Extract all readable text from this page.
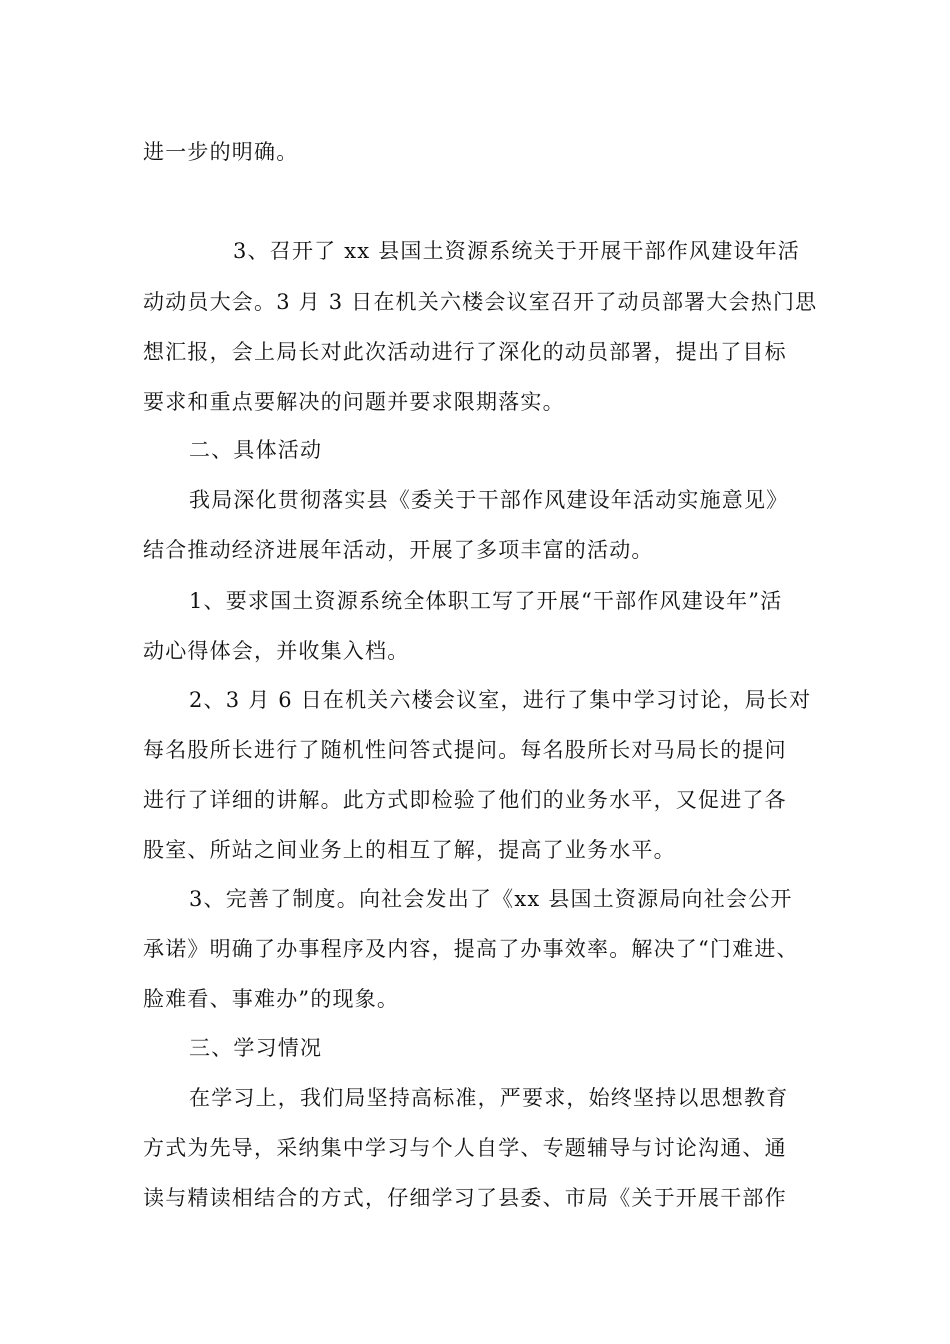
进一步的明确。
3、召开了 xx 县国土资源系统关于开展干部作风建设年活
动动员大会。3 月 3 日在机关六楼会议室召开了动员部署大会热门思
想汇报，会上局长对此次活动进行了深化的动员部署，提出了目标
要求和重点要解决的问题并要求限期落实。
二、具体活动
我局深化贯彻落实县《委关于干部作风建设年活动实施意见》
结合推动经济进展年活动，开展了多项丰富的活动。
1、要求国土资源系统全体职工写了开展“干部作风建设年”活
动心得体会，并收集入档。
2、3 月 6 日在机关六楼会议室，进行了集中学习讨论，局长对
每名股所长进行了随机性问答式提问。每名股所长对马局长的提问
进行了详细的讲解。此方式即检验了他们的业务水平，又促进了各
股室、所站之间业务上的相互了解，提高了业务水平。
3、完善了制度。向社会发出了《xx 县国土资源局向社会公开
承诺》明确了办事程序及内容，提高了办事效率。解决了“门难进、
脸难看、事难办”的现象。
三、学习情况
在学习上，我们局坚持高标准，严要求，始终坚持以思想教育
方式为先导，采纳集中学习与个人自学、专题辅导与讨论沟通、通
读与精读相结合的方式，仔细学习了县委、市局《关于开展干部作
